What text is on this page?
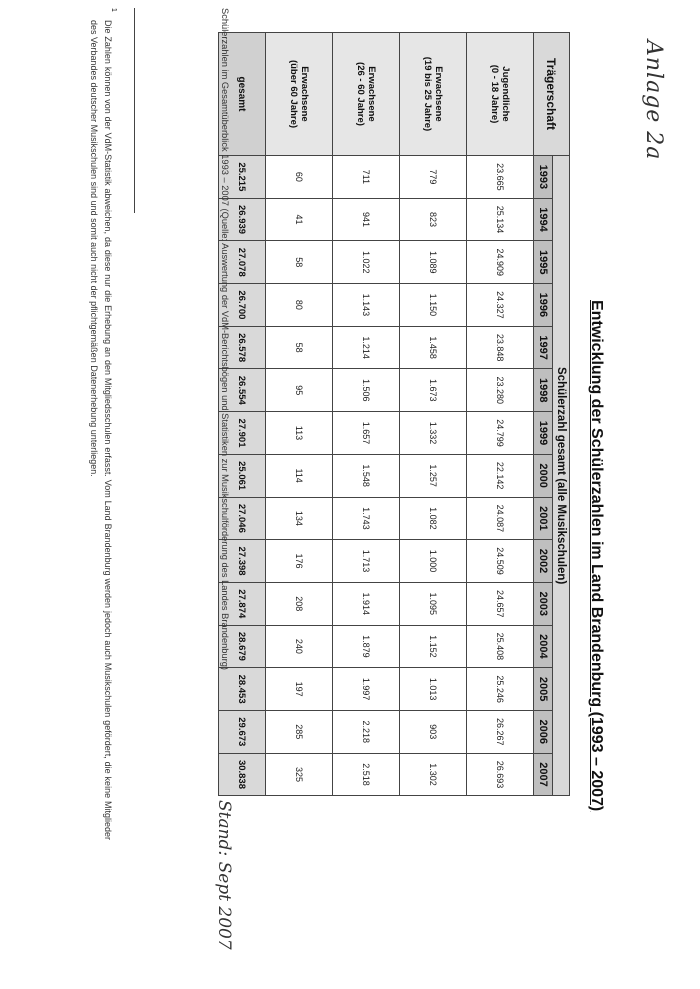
Anlage 2a
Entwicklung der Schülerzahlen im Land Brandenburg (1993 – 2007)
Trägerschaft	Schülerzahl gesamt (alle Musikschulen)														
	1993	1994	1995	1996	1997	1998	1999	2000	2001	2002	2003	2004	2005	2006	2007
Jugendliche
(0 - 18 Jahre)	23.665	25.134	24.909	24.327	23.848	23.280	24.799	22.142	24.087	24.509	24.657	25.408	25.246	26.267	26.693
Erwachsene
(19 bis 25 Jahre)	779	823	1.089	1.150	1.458	1.673	1.332	1.257	1.082	1.000	1.095	1.152	1.013	903	1.302
Erwachsene
(26 - 60 Jahre)	711	941	1.022	1.143	1.214	1.506	1.657	1.548	1.743	1.713	1.914	1.879	1.997	2.218	2.518
Erwachsene
(über 60 Jahre)	60	41	58	80	58	95	113	114	134	176	208	240	197	285	325
gesamt	25.215	26.939	27.078	26.700	26.578	26.554	27.901	25.061	27.046	27.398	27.874	28.679	28.453	29.673	30.838
Schülerzahlen im Gesamtüberblick 1993 – 2007 (Quelle: Auswertung der VdM-Berichtsbögen und Statistiken zur Musikschulförderung des Landes Brandenburg)
Stand: Sept 2007
1
Die Zahlen können von der VdM-Statistik abweichen, da diese nur die Erhebung an den Mitgliedsschulen erfasst. Vom Land Brandenburg werden jedoch auch Musikschulen gefördert, die keine Mitglieder des Verbandes deutscher Musikschulen sind und somit auch nicht der pflichtgemäßen Datenerhebung unterliegen.
